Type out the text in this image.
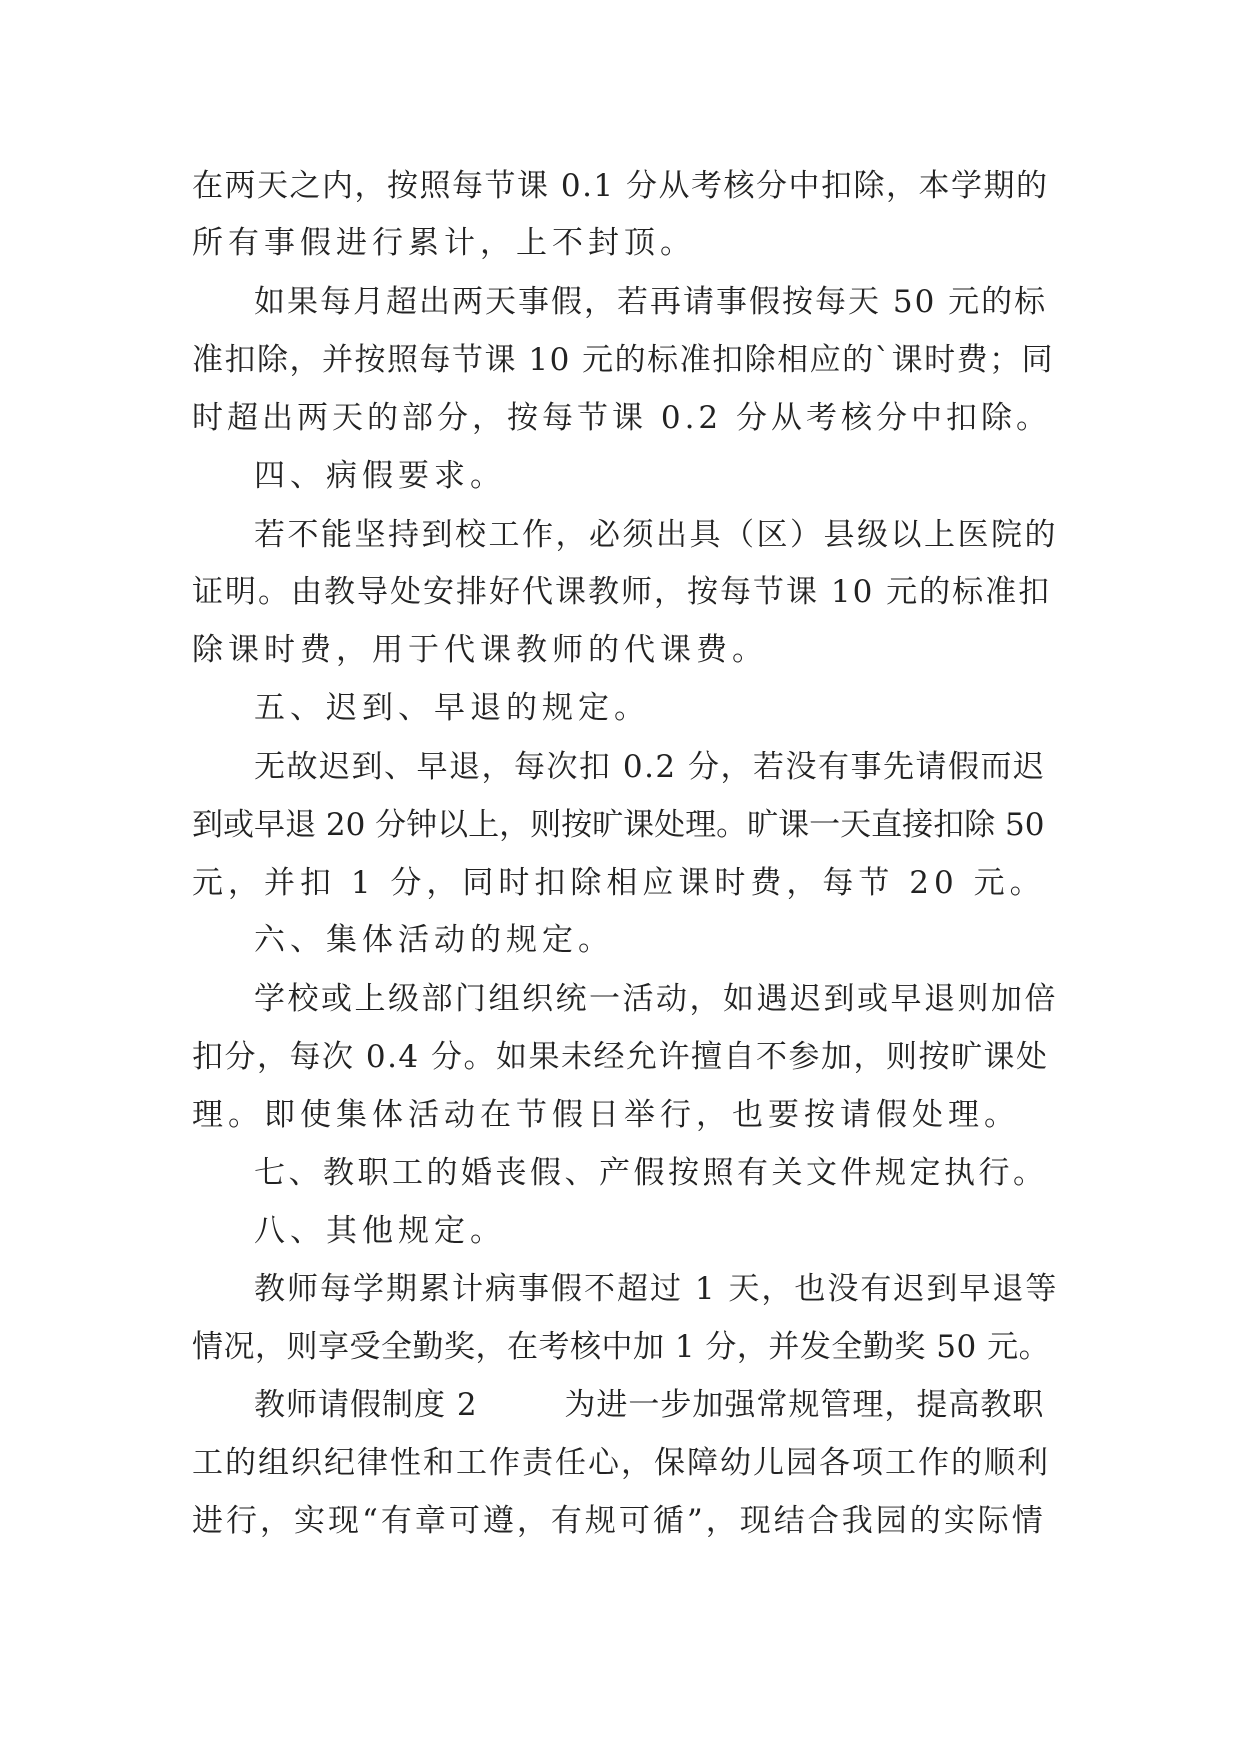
在两天之内，按照每节课 0.1 分从考核分中扣除，本学期的
所有事假进行累计，上不封顶。
如果每月超出两天事假，若再请事假按每天 50 元的标
准扣除，并按照每节课 10 元的标准扣除相应的`课时费；同
时超出两天的部分，按每节课 0.2 分从考核分中扣除。
四、病假要求。
若不能坚持到校工作，必须出具（区）县级以上医院的
证明。由教导处安排好代课教师，按每节课 10 元的标准扣
除课时费，用于代课教师的代课费。
五、迟到、早退的规定。
无故迟到、早退，每次扣 0.2 分，若没有事先请假而迟
到或早退 20 分钟以上，则按旷课处理。旷课一天直接扣除 50
元，并扣 1 分，同时扣除相应课时费，每节 20 元。
六、集体活动的规定。
学校或上级部门组织统一活动，如遇迟到或早退则加倍
扣分，每次 0.4 分。如果未经允许擅自不参加，则按旷课处
理。即使集体活动在节假日举行，也要按请假处理。
七、教职工的婚丧假、产假按照有关文件规定执行。
八、其他规定。
教师每学期累计病事假不超过 1 天，也没有迟到早退等
情况，则享受全勤奖，在考核中加 1 分，并发全勤奖 50 元。
教师请假制度 2        为进一步加强常规管理，提高教职
工的组织纪律性和工作责任心，保障幼儿园各项工作的顺利
进行，实现“有章可遵，有规可循”，现结合我园的实际情
